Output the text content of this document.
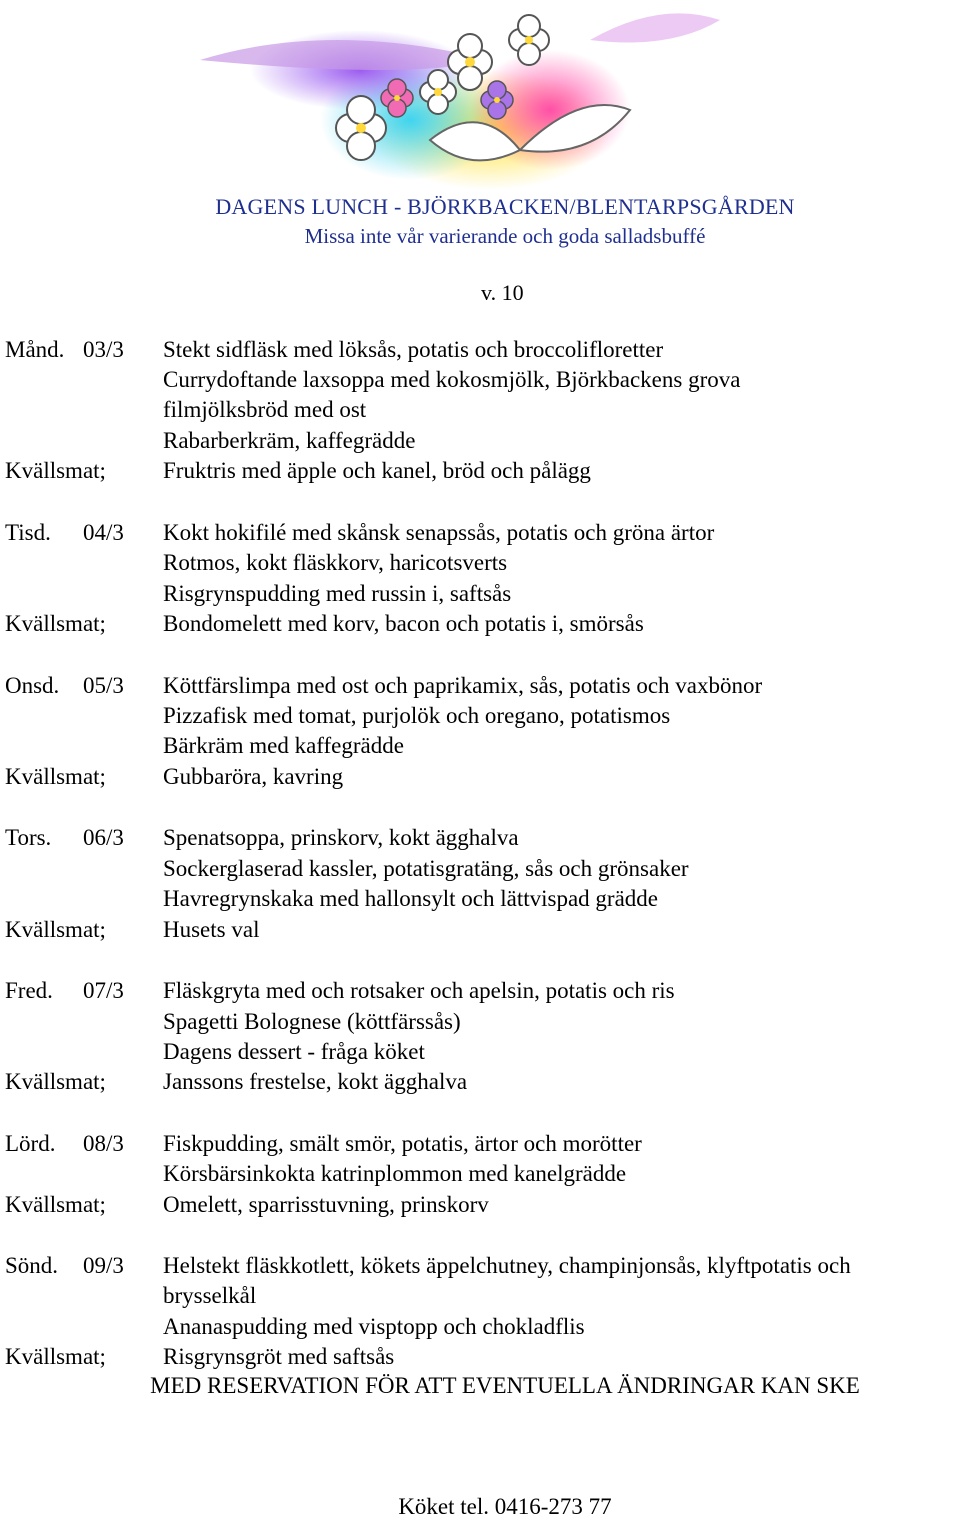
DAGENS LUNCH - BJÖRKBACKEN/BLENTARPSGÅRDEN
Missa inte vår varierande och goda salladsbuffé
v. 10
Månd. 03/3 Stekt sidfläsk med löksås, potatis och broccolifloretter
Currydoftande laxsoppa med kokosmjölk, Björkbackens grova
filmjölksbröd med ost
Rabarberkräm, kaffegrädde
Kvällsmat; Fruktris med äpple och kanel, bröd och pålägg
Tisd. 04/3 Kokt hokifilé med skånsk senapssås, potatis och gröna ärtor
Rotmos, kokt fläskkorv, haricotsverts
Risgrynspudding med russin i, saftsås
Kvällsmat; Bondomelett med korv, bacon och potatis i, smörsås
Onsd. 05/3 Köttfärslimpa med ost och paprikamix, sås, potatis och vaxbönor
Pizzafisk med tomat, purjolök och oregano, potatismos
Bärkräm med kaffegrädde
Kvällsmat; Gubbaröra, kavring
Tors. 06/3 Spenatsoppa, prinskorv, kokt ägghalva
Sockerglaserad kassler, potatisgratäng, sås och grönsaker
Havregrynskaka med hallonsylt och lättvispad grädde
Kvällsmat; Husets val
Fred. 07/3 Fläskgryta med och rotsaker och apelsin, potatis och ris
Spagetti Bolognese (köttfärssås)
Dagens dessert - fråga köket
Kvällsmat; Janssons frestelse, kokt ägghalva
Lörd. 08/3 Fiskpudding, smält smör, potatis, ärtor och morötter
Körsbärsinkokta katrinplommon med kanelgrädde
Kvällsmat; Omelett, sparrisstuvning, prinskorv
Sönd. 09/3 Helstekt fläskkotlett, kökets äppelchutney, champinjonsås, klyftpotatis och
brysselkål
Ananaspudding med visptopp och chokladflis
Kvällsmat; Risgrynsgröt med saftsås
MED RESERVATION FÖR ATT EVENTUELLA ÄNDRINGAR KAN SKE
Köket tel. 0416-273 77
